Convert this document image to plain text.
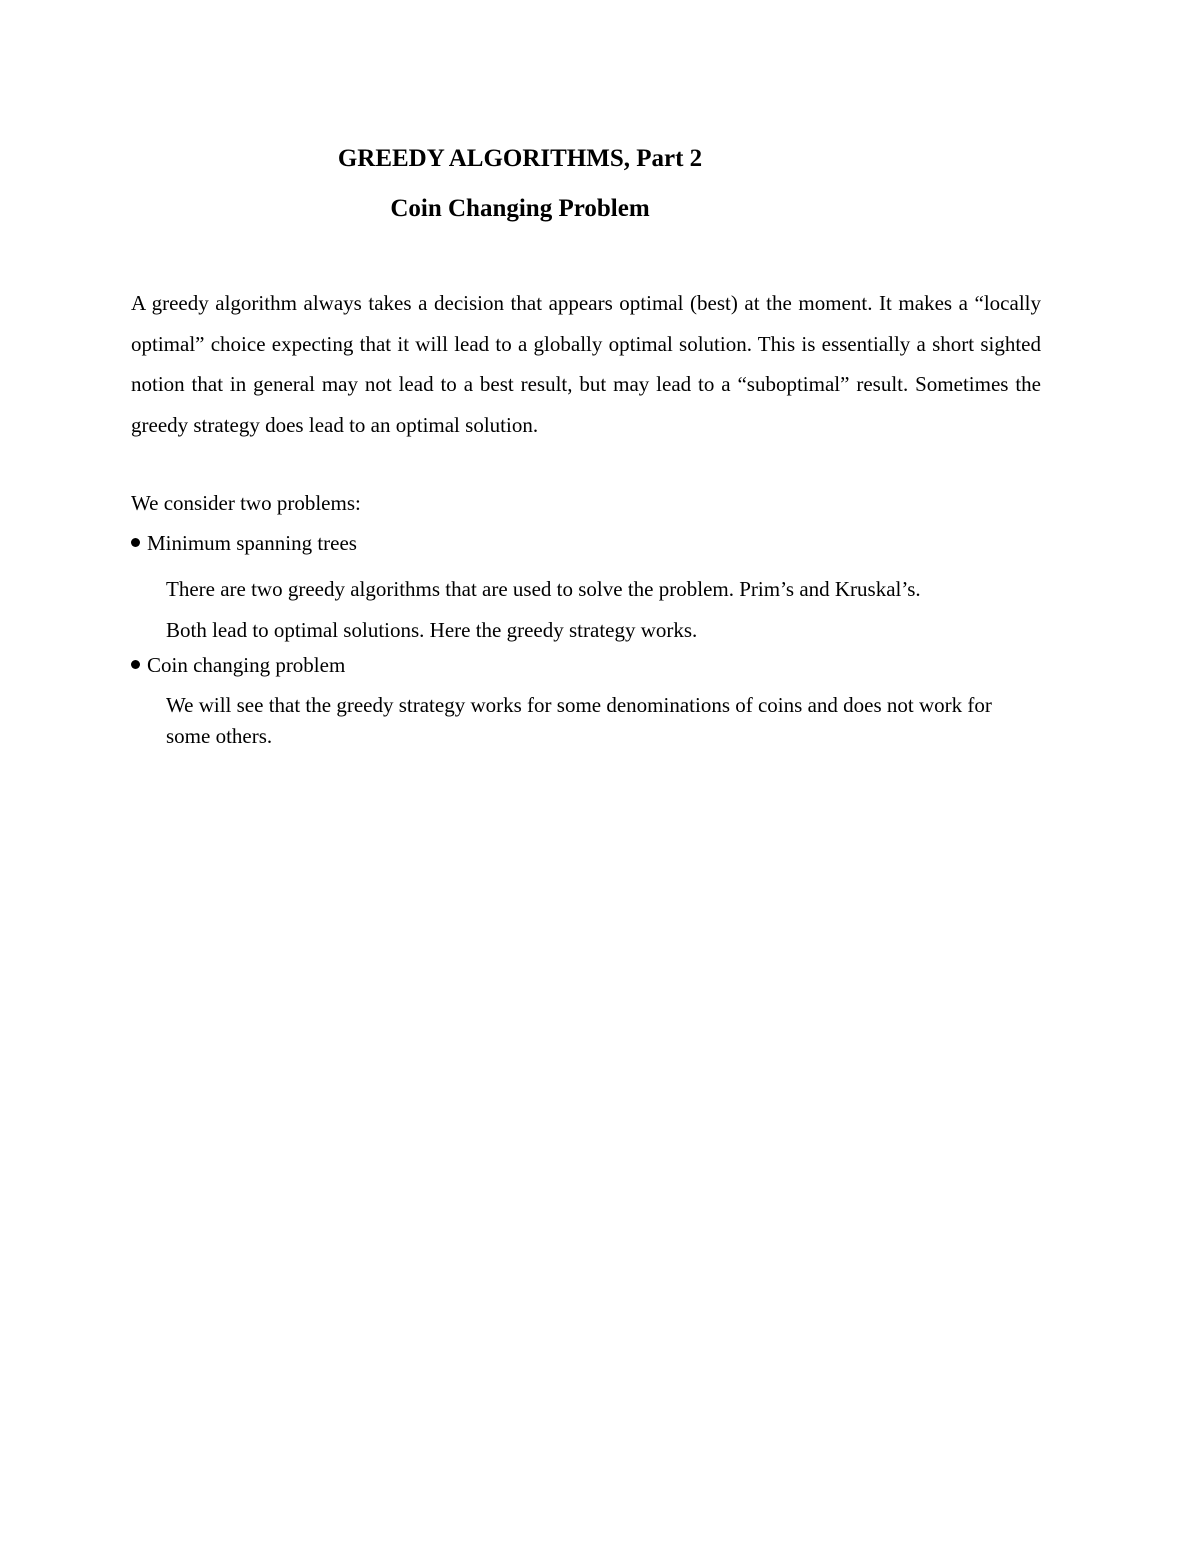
GREEDY ALGORITHMS, Part 2
Coin Changing Problem

A greedy algorithm always takes a decision that appears optimal (best) at the moment. It makes a “locally optimal” choice expecting that it will lead to a globally optimal solution. This is essentially a short sighted notion that in general may not lead to a best result, but may lead to a “suboptimal” result. Sometimes the greedy strategy does lead to an optimal solution.

We consider two problems:

Minimum spanning trees

There are two greedy algorithms that are used to solve the problem. Prim’s and Kruskal’s.
Both lead to optimal solutions. Here the greedy strategy works.

Coin changing problem

We will see that the greedy strategy works for some denominations of coins and does not work for some others.
